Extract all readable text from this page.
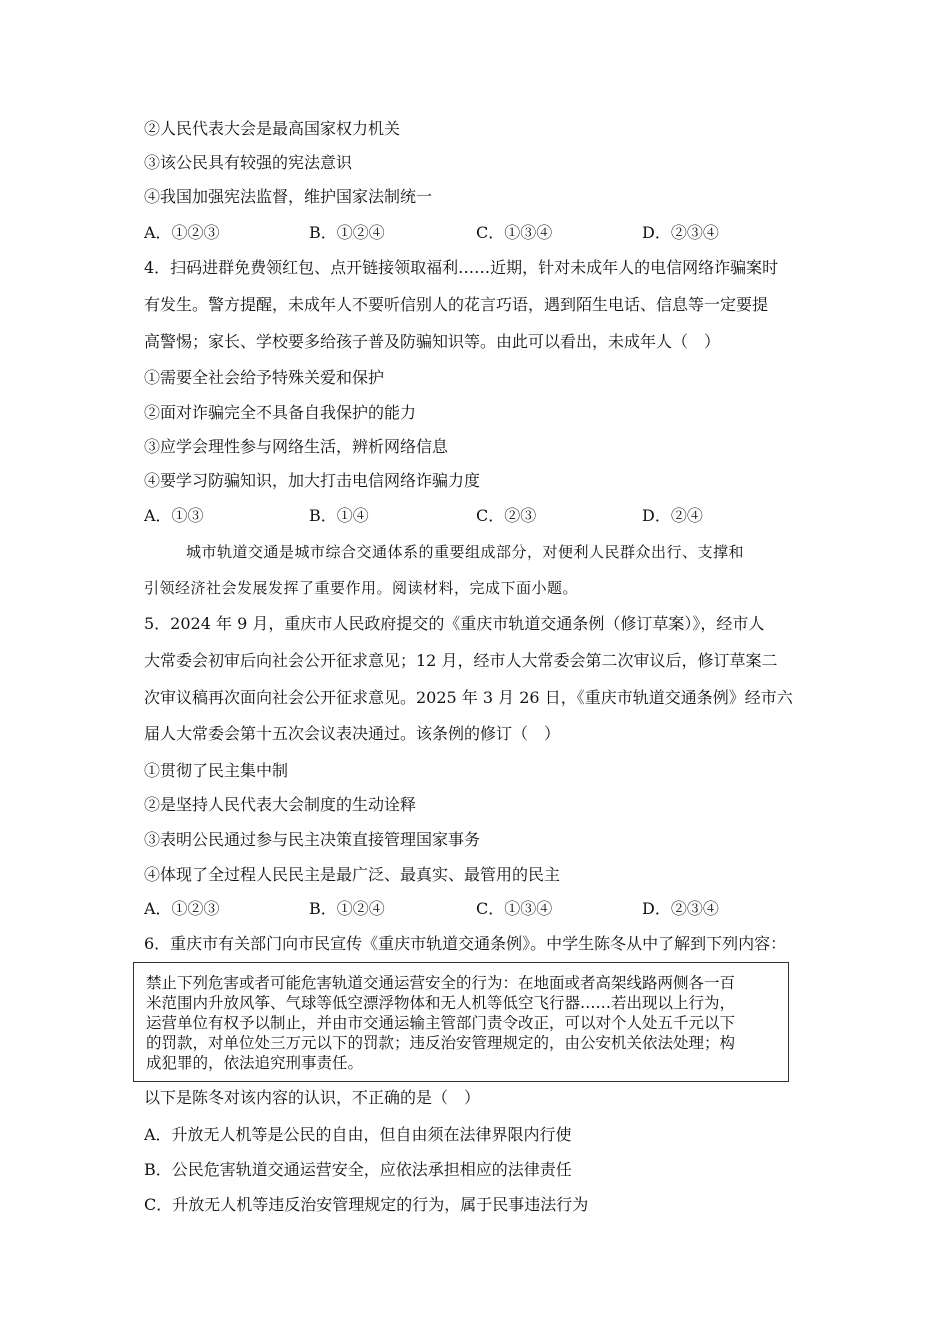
②人民代表大会是最高国家权力机关
③该公民具有较强的宪法意识
④我国加强宪法监督，维护国家法制统一
A．①②③	B．①②④	C．①③④	D．②③④
4．扫码进群免费领红包、点开链接领取福利……近期，针对未成年人的电信网络诈骗案时
有发生。警方提醒，未成年人不要听信别人的花言巧语，遇到陌生电话、信息等一定要提
高警惕；家长、学校要多给孩子普及防骗知识等。由此可以看出，未成年人（　）
①需要全社会给予特殊关爱和保护
②面对诈骗完全不具备自我保护的能力
③应学会理性参与网络生活，辨析网络信息
④要学习防骗知识，加大打击电信网络诈骗力度
A．①③	B．①④	C．②③	D．②④
城市轨道交通是城市综合交通体系的重要组成部分，对便利人民群众出行、支撑和
引领经济社会发展发挥了重要作用。阅读材料，完成下面小题。
5．2024 年 9 月，重庆市人民政府提交的《重庆市轨道交通条例（修订草案）》，经市人
大常委会初审后向社会公开征求意见；12 月，经市人大常委会第二次审议后，修订草案二
次审议稿再次面向社会公开征求意见。2025 年 3 月 26 日，《重庆市轨道交通条例》经市六
届人大常委会第十五次会议表决通过。该条例的修订（　）
①贯彻了民主集中制
②是坚持人民代表大会制度的生动诠释
③表明公民通过参与民主决策直接管理国家事务
④体现了全过程人民民主是最广泛、最真实、最管用的民主
A．①②③	B．①②④	C．①③④	D．②③④
6．重庆市有关部门向市民宣传《重庆市轨道交通条例》。中学生陈冬从中了解到下列内容：
禁止下列危害或者可能危害轨道交通运营安全的行为：在地面或者高架线路两侧各一百
米范围内升放风筝、气球等低空漂浮物体和无人机等低空飞行器……若出现以上行为，
运营单位有权予以制止，并由市交通运输主管部门责令改正，可以对个人处五千元以下
的罚款，对单位处三万元以下的罚款；违反治安管理规定的，由公安机关依法处理；构
成犯罪的，依法追究刑事责任。
以下是陈冬对该内容的认识，不正确的是（　）
A．升放无人机等是公民的自由，但自由须在法律界限内行使
B．公民危害轨道交通运营安全，应依法承担相应的法律责任
C．升放无人机等违反治安管理规定的行为，属于民事违法行为
